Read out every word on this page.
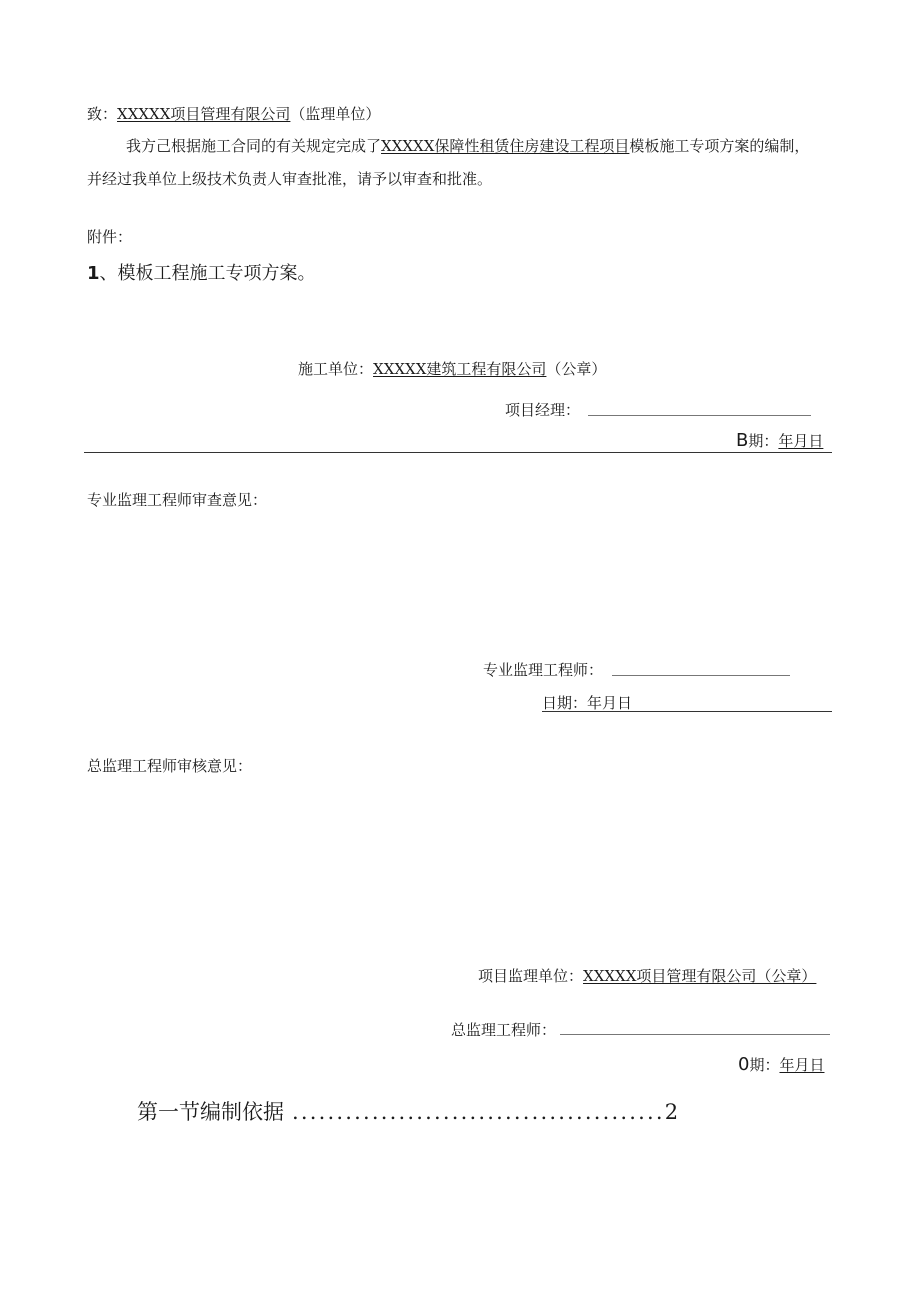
致：XXXXX项目管理有限公司（监理单位）
我方己根据施工合同的有关规定完成了XXXXX保障性租赁住房建设工程项目模板施工专项方案的编制，
并经过我单位上级技术负责人审查批准，请予以审查和批准。
附件：
1、模板工程施工专项方案。
施工单位：XXXXX建筑工程有限公司（公章）
项目经理：
B期：年月日
专业监理工程师审查意见：
专业监理工程师：
日期：年月日
总监理工程师审核意见：
项目监理单位：XXXXX项目管理有限公司（公章）
总监理工程师：
0期：年月日
第一节编制依据 ..........................................2
